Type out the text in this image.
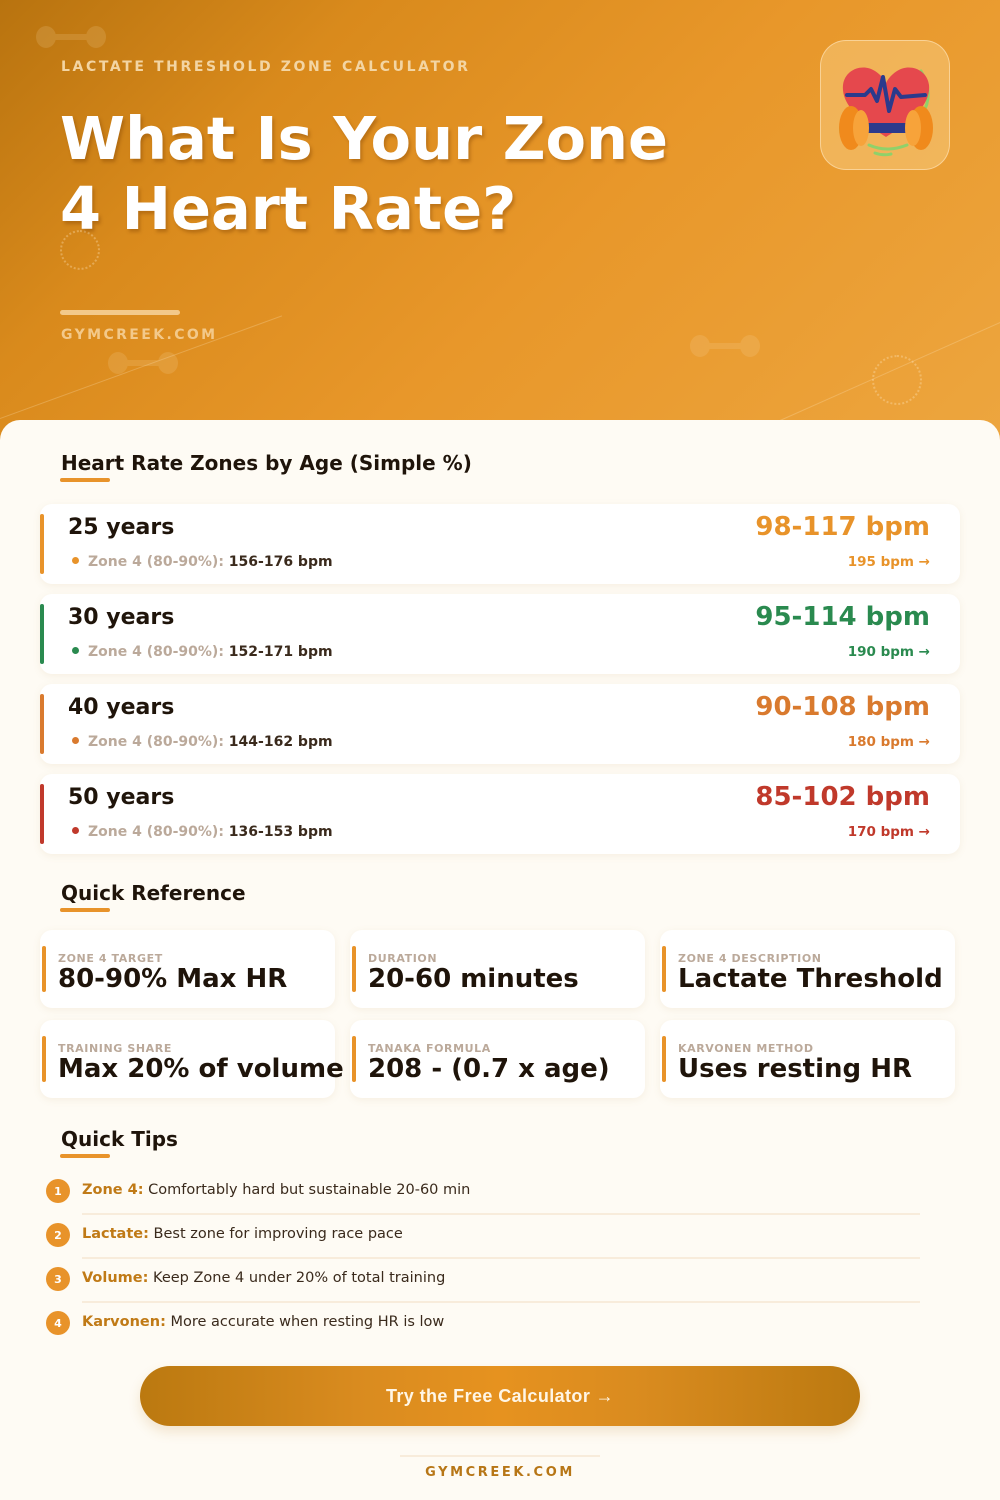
LACTATE THRESHOLD ZONE CALCULATOR
What Is Your Zone
4 Heart Rate?
GYMCREEK.COM
Heart Rate Zones by Age (Simple %)
25 years
Zone 4 (80-90%): 156-176 bpm
98-117 bpm
195 bpm →
30 years
Zone 4 (80-90%): 152-171 bpm
95-114 bpm
190 bpm →
40 years
Zone 4 (80-90%): 144-162 bpm
90-108 bpm
180 bpm →
50 years
Zone 4 (80-90%): 136-153 bpm
85-102 bpm
170 bpm →
Quick Reference
ZONE 4 TARGET
80-90% Max HR
DURATION
20-60 minutes
ZONE 4 DESCRIPTION
Lactate Threshold
TRAINING SHARE
Max 20% of volume
TANAKA FORMULA
208 - (0.7 x age)
KARVONEN METHOD
Uses resting HR
Quick Tips
1	Zone 4: Comfortably hard but sustainable 20-60 min
2	Lactate: Best zone for improving race pace
3	Volume: Keep Zone 4 under 20% of total training
4	Karvonen: More accurate when resting HR is low
Try the Free Calculator →
GYMCREEK.COM
